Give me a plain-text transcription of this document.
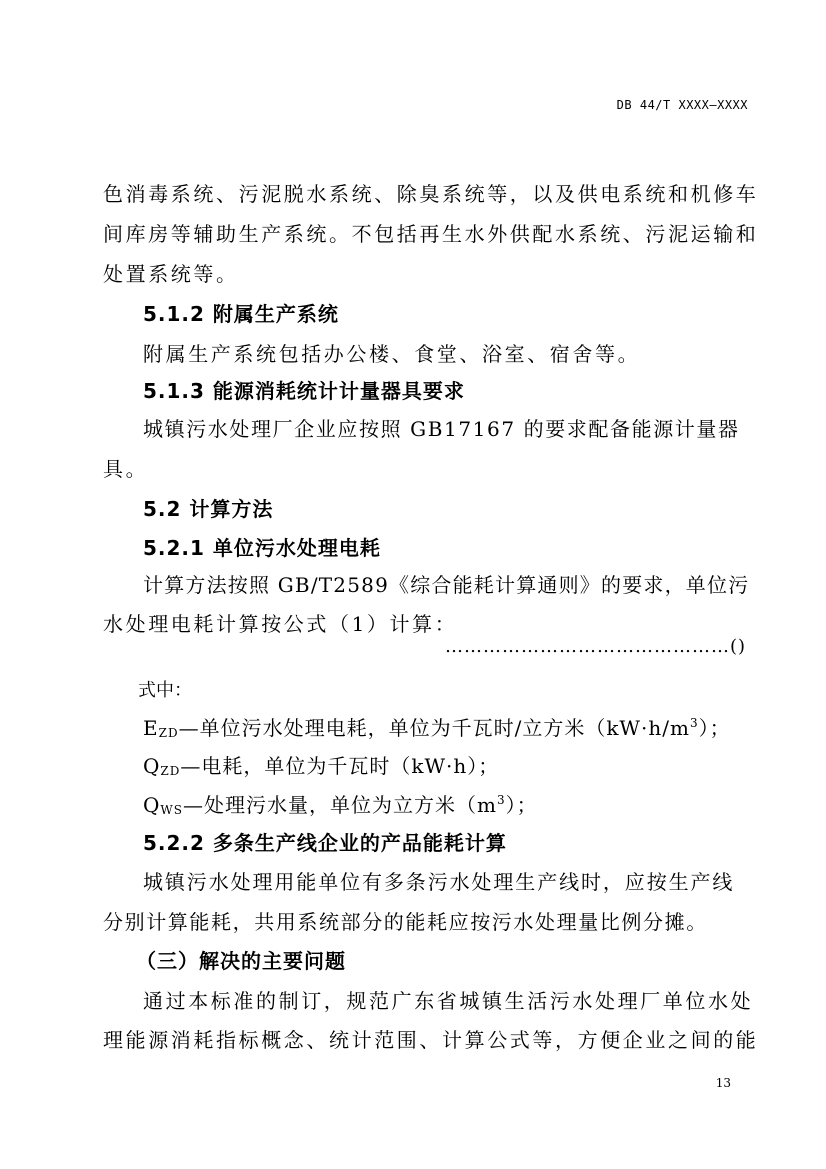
DB 44/T XXXX—XXXX
色消毒系统、污泥脱水系统、除臭系统等，以及供电系统和机修车
间库房等辅助生产系统。不包括再生水外供配水系统、污泥运输和
处置系统等。
5.1.2 附属生产系统
附属生产系统包括办公楼、食堂、浴室、宿舍等。
5.1.3 能源消耗统计计量器具要求
城镇污水处理厂企业应按照 GB17167 的要求配备能源计量器
具。
5.2 计算方法
5.2.1 单位污水处理电耗
计算方法按照 GB/T2589《综合能耗计算通则》的要求，单位污
水处理电耗计算按公式（1）计算：
………………………………………()
式中：
$E_{ZD}—$单位污水处理电耗，单位为千瓦时/立方米$(kW\cdot h/m^3)$；
$Q_{ZD}—$电耗，单位为千瓦时（kW·h）；
$Q_{WS}—$处理污水量，单位为立方米$(m^3)$；
5.2.2 多条生产线企业的产品能耗计算
城镇污水处理用能单位有多条污水处理生产线时，应按生产线
分别计算能耗，共用系统部分的能耗应按污水处理量比例分摊。
（三）解决的主要问题
通过本标准的制订，规范广东省城镇生活污水处理厂单位水处
理能源消耗指标概念、统计范围、计算公式等，方便企业之间的能
13
